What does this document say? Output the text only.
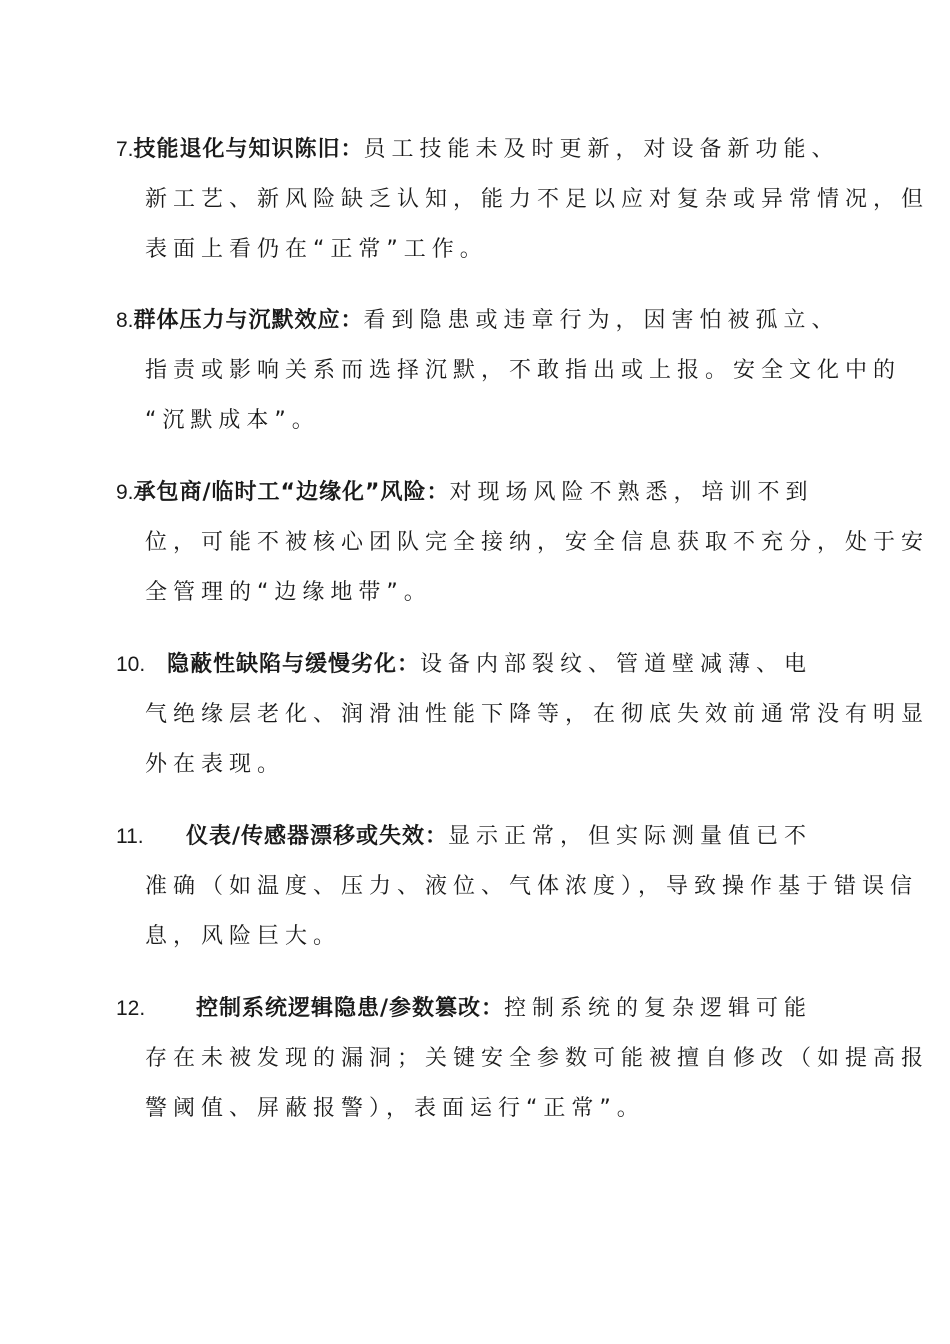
7. 技能退化与知识陈旧： 员工技能未及时更新，对设备新功能、
新工艺、新风险缺乏认知，能力不足以应对复杂或异常情况，但
表面上看仍在“正常”工作。
8. 群体压力与沉默效应： 看到隐患或违章行为，因害怕被孤立、
指责或影响关系而选择沉默，不敢指出或上报。安全文化中的
“沉默成本”。
9. 承包商/临时工“边缘化”风险： 对现场风险不熟悉，培训不到
位，可能不被核心团队完全接纳，安全信息获取不充分，处于安
全管理的“边缘地带”。
10. 隐蔽性缺陷与缓慢劣化： 设备内部裂纹、管道壁减薄、电
气绝缘层老化、润滑油性能下降等，在彻底失效前通常没有明显
外在表现。
11.	仪表/传感器漂移或失效： 显示正常，但实际测量值已不
准确（如温度、压力、液位、气体浓度），导致操作基于错误信
息，风险巨大。
12.	控制系统逻辑隐患/参数篡改： 控制系统的复杂逻辑可能
存在未被发现的漏洞；关键安全参数可能被擅自修改（如提高报
警阈值、屏蔽报警），表面运行“正常”。
